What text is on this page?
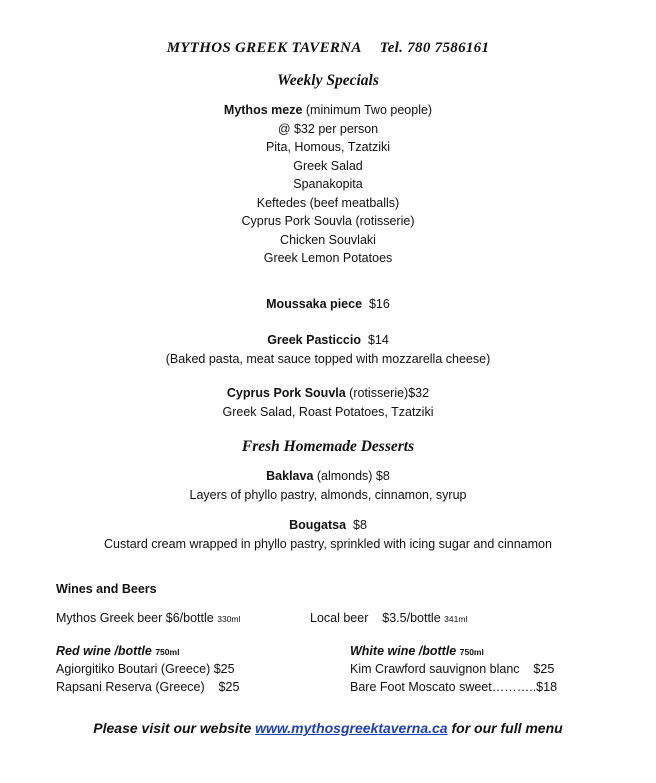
MYTHOS GREEK TAVERNA Tel. 780 7586161
Weekly Specials
Mythos meze (minimum Two people)
@ $32 per person
Pita, Homous, Tzatziki
Greek Salad
Spanakopita
Keftedes (beef meatballs)
Cyprus Pork Souvla (rotisserie)
Chicken Souvlaki
Greek Lemon Potatoes
Moussaka piece $16
Greek Pasticcio $14
(Baked pasta, meat sauce topped with mozzarella cheese)
Cyprus Pork Souvla (rotisserie)$32
Greek Salad, Roast Potatoes, Tzatziki
Fresh Homemade Desserts
Baklava (almonds) $8
Layers of phyllo pastry, almonds, cinnamon, syrup
Bougatsa $8
Custard cream wrapped in phyllo pastry, sprinkled with icing sugar and cinnamon
Wines and Beers
Mythos Greek beer $6/bottle 330ml	Local beer    $3.5/bottle 341ml
Red wine /bottle 750ml
Agiorgitiko Boutari (Greece) $25
Rapsani Reserva (Greece)    $25
White wine /bottle 750ml
Kim Crawford sauvignon blanc    $25
Bare Foot Moscato sweet………..$18
Please visit our website www.mythosgreektaverna.ca for our full menu
